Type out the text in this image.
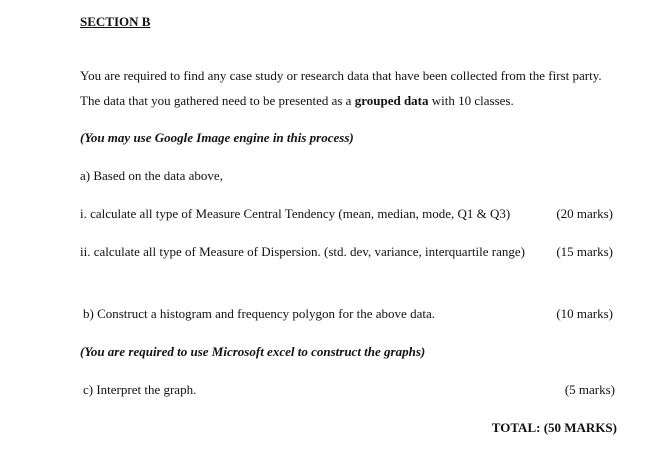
SECTION B
You are required to find any case study or research data that have been collected from the first party.
The data that you gathered need to be presented as a grouped data with 10 classes.
(You may use Google Image engine in this process)
a) Based on the data above,
i. calculate all type of Measure Central Tendency (mean, median, mode, Q1 & Q3)	(20 marks)
ii. calculate all type of Measure of Dispersion. (std. dev, variance, interquartile range) (15 marks)
b) Construct a histogram and frequency polygon for the above data.	(10 marks)
(You are required to use Microsoft excel to construct the graphs)
c) Interpret the graph.	(5 marks)
TOTAL: (50 MARKS)
